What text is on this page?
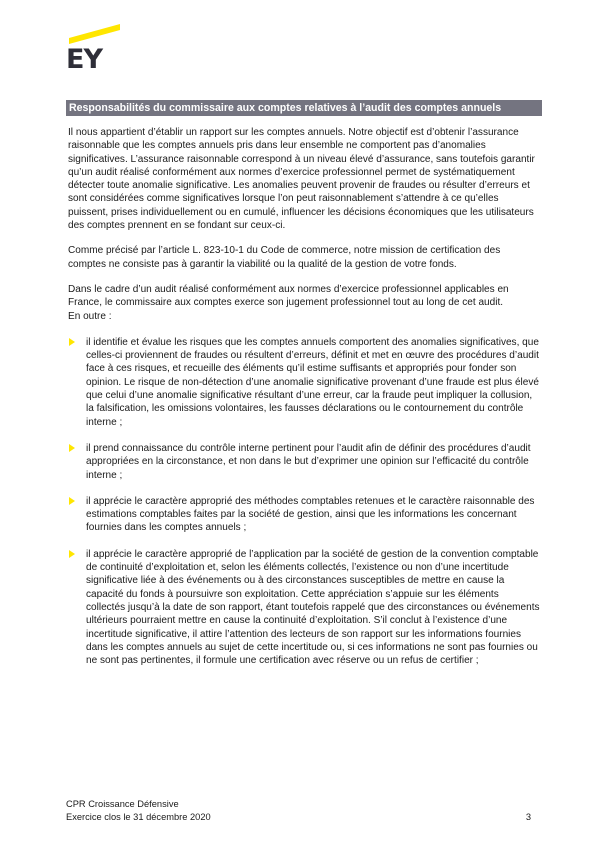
EY
Responsabilités du commissaire aux comptes relatives à l’audit des comptes annuels

Il nous appartient d’établir un rapport sur les comptes annuels. Notre objectif est d’obtenir l’assurance raisonnable que les comptes annuels pris dans leur ensemble ne comportent pas d’anomalies significatives. L’assurance raisonnable correspond à un niveau élevé d’assurance, sans toutefois garantir qu’un audit réalisé conformément aux normes d’exercice professionnel permet de systématiquement détecter toute anomalie significative. Les anomalies peuvent provenir de fraudes ou résulter d’erreurs et sont considérées comme significatives lorsque l’on peut raisonnablement s’attendre à ce qu’elles puissent, prises individuellement ou en cumulé, influencer les décisions économiques que les utilisateurs des comptes prennent en se fondant sur ceux-ci.

Comme précisé par l’article L. 823-10-1 du Code de commerce, notre mission de certification des comptes ne consiste pas à garantir la viabilité ou la qualité de la gestion de votre fonds.

Dans le cadre d’un audit réalisé conformément aux normes d’exercice professionnel applicables en France, le commissaire aux comptes exerce son jugement professionnel tout au long de cet audit.

En outre :

il identifie et évalue les risques que les comptes annuels comportent des anomalies significatives, que celles-ci proviennent de fraudes ou résultent d’erreurs, définit et met en œuvre des procédures d’audit face à ces risques, et recueille des éléments qu’il estime suffisants et appropriés pour fonder son opinion. Le risque de non-détection d’une anomalie significative provenant d’une fraude est plus élevé que celui d’une anomalie significative résultant d’une erreur, car la fraude peut impliquer la collusion, la falsification, les omissions volontaires, les fausses déclarations ou le contournement du contrôle interne ;
il prend connaissance du contrôle interne pertinent pour l’audit afin de définir des procédures d’audit appropriées en la circonstance, et non dans le but d’exprimer une opinion sur l’efficacité du contrôle interne ;
il apprécie le caractère approprié des méthodes comptables retenues et le caractère raisonnable des estimations comptables faites par la société de gestion, ainsi que les informations les concernant fournies dans les comptes annuels ;
il apprécie le caractère approprié de l’application par la société de gestion de la convention comptable de continuité d’exploitation et, selon les éléments collectés, l’existence ou non d’une incertitude significative liée à des événements ou à des circonstances susceptibles de mettre en cause la capacité du fonds à poursuivre son exploitation. Cette appréciation s’appuie sur les éléments collectés jusqu’à la date de son rapport, étant toutefois rappelé que des circonstances ou événements ultérieurs pourraient mettre en cause la continuité d’exploitation. S’il conclut à l’existence d’une incertitude significative, il attire l’attention des lecteurs de son rapport sur les informations fournies dans les comptes annuels au sujet de cette incertitude ou, si ces informations ne sont pas fournies ou ne sont pas pertinentes, il formule une certification avec réserve ou un refus de certifier ;
CPR Croissance Défensive
Exercice clos le 31 décembre 2020	3
